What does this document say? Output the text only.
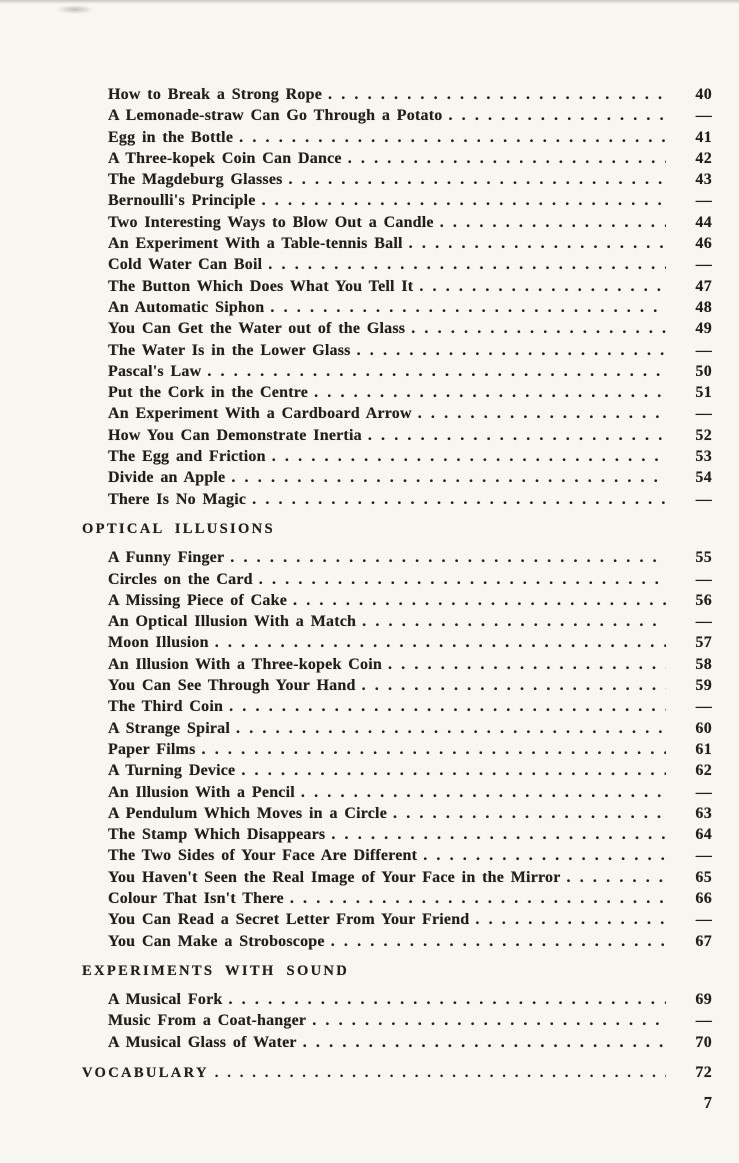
How to Break a Strong Rope . . .	40
A Lemonade-straw Can Go Through a Potato . . .	—
Egg in the Bottle . . .	41
A Three-kopek Coin Can Dance . . .	42
The Magdeburg Glasses . . .	43
Bernoulli's Principle . . .	—
Two Interesting Ways to Blow Out a Candle . . .	44
An Experiment With a Table-tennis Ball . . .	46
Cold Water Can Boil . . .	—
The Button Which Does What You Tell It . . .	47
An Automatic Siphon . . .	48
You Can Get the Water out of the Glass . . .	49
The Water Is in the Lower Glass . . .	—
Pascal's Law . . .	50
Put the Cork in the Centre . . .	51
An Experiment With a Cardboard Arrow . . .	—
How You Can Demonstrate Inertia . . .	52
The Egg and Friction . . .	53
Divide an Apple . . .	54
There Is No Magic . . .	—
OPTICAL ILLUSIONS
A Funny Finger . . .	55
Circles on the Card . . .	—
A Missing Piece of Cake . . .	56
An Optical Illusion With a Match . . .	—
Moon Illusion . . .	57
An Illusion With a Three-kopek Coin . . .	58
You Can See Through Your Hand . . .	59
The Third Coin . . .	—
A Strange Spiral . . .	60
Paper Films . . .	61
A Turning Device . . .	62
An Illusion With a Pencil . . .	—
A Pendulum Which Moves in a Circle . . .	63
The Stamp Which Disappears . . .	64
The Two Sides of Your Face Are Different . . .	—
You Haven't Seen the Real Image of Your Face in the Mirror . . .	65
Colour That Isn't There . . .	66
You Can Read a Secret Letter From Your Friend . . .	—
You Can Make a Stroboscope . . .	67
EXPERIMENTS WITH SOUND
A Musical Fork . . .	69
Music From a Coat-hanger . . .	—
A Musical Glass of Water . . .	70
VOCABULARY . . .	72
7
